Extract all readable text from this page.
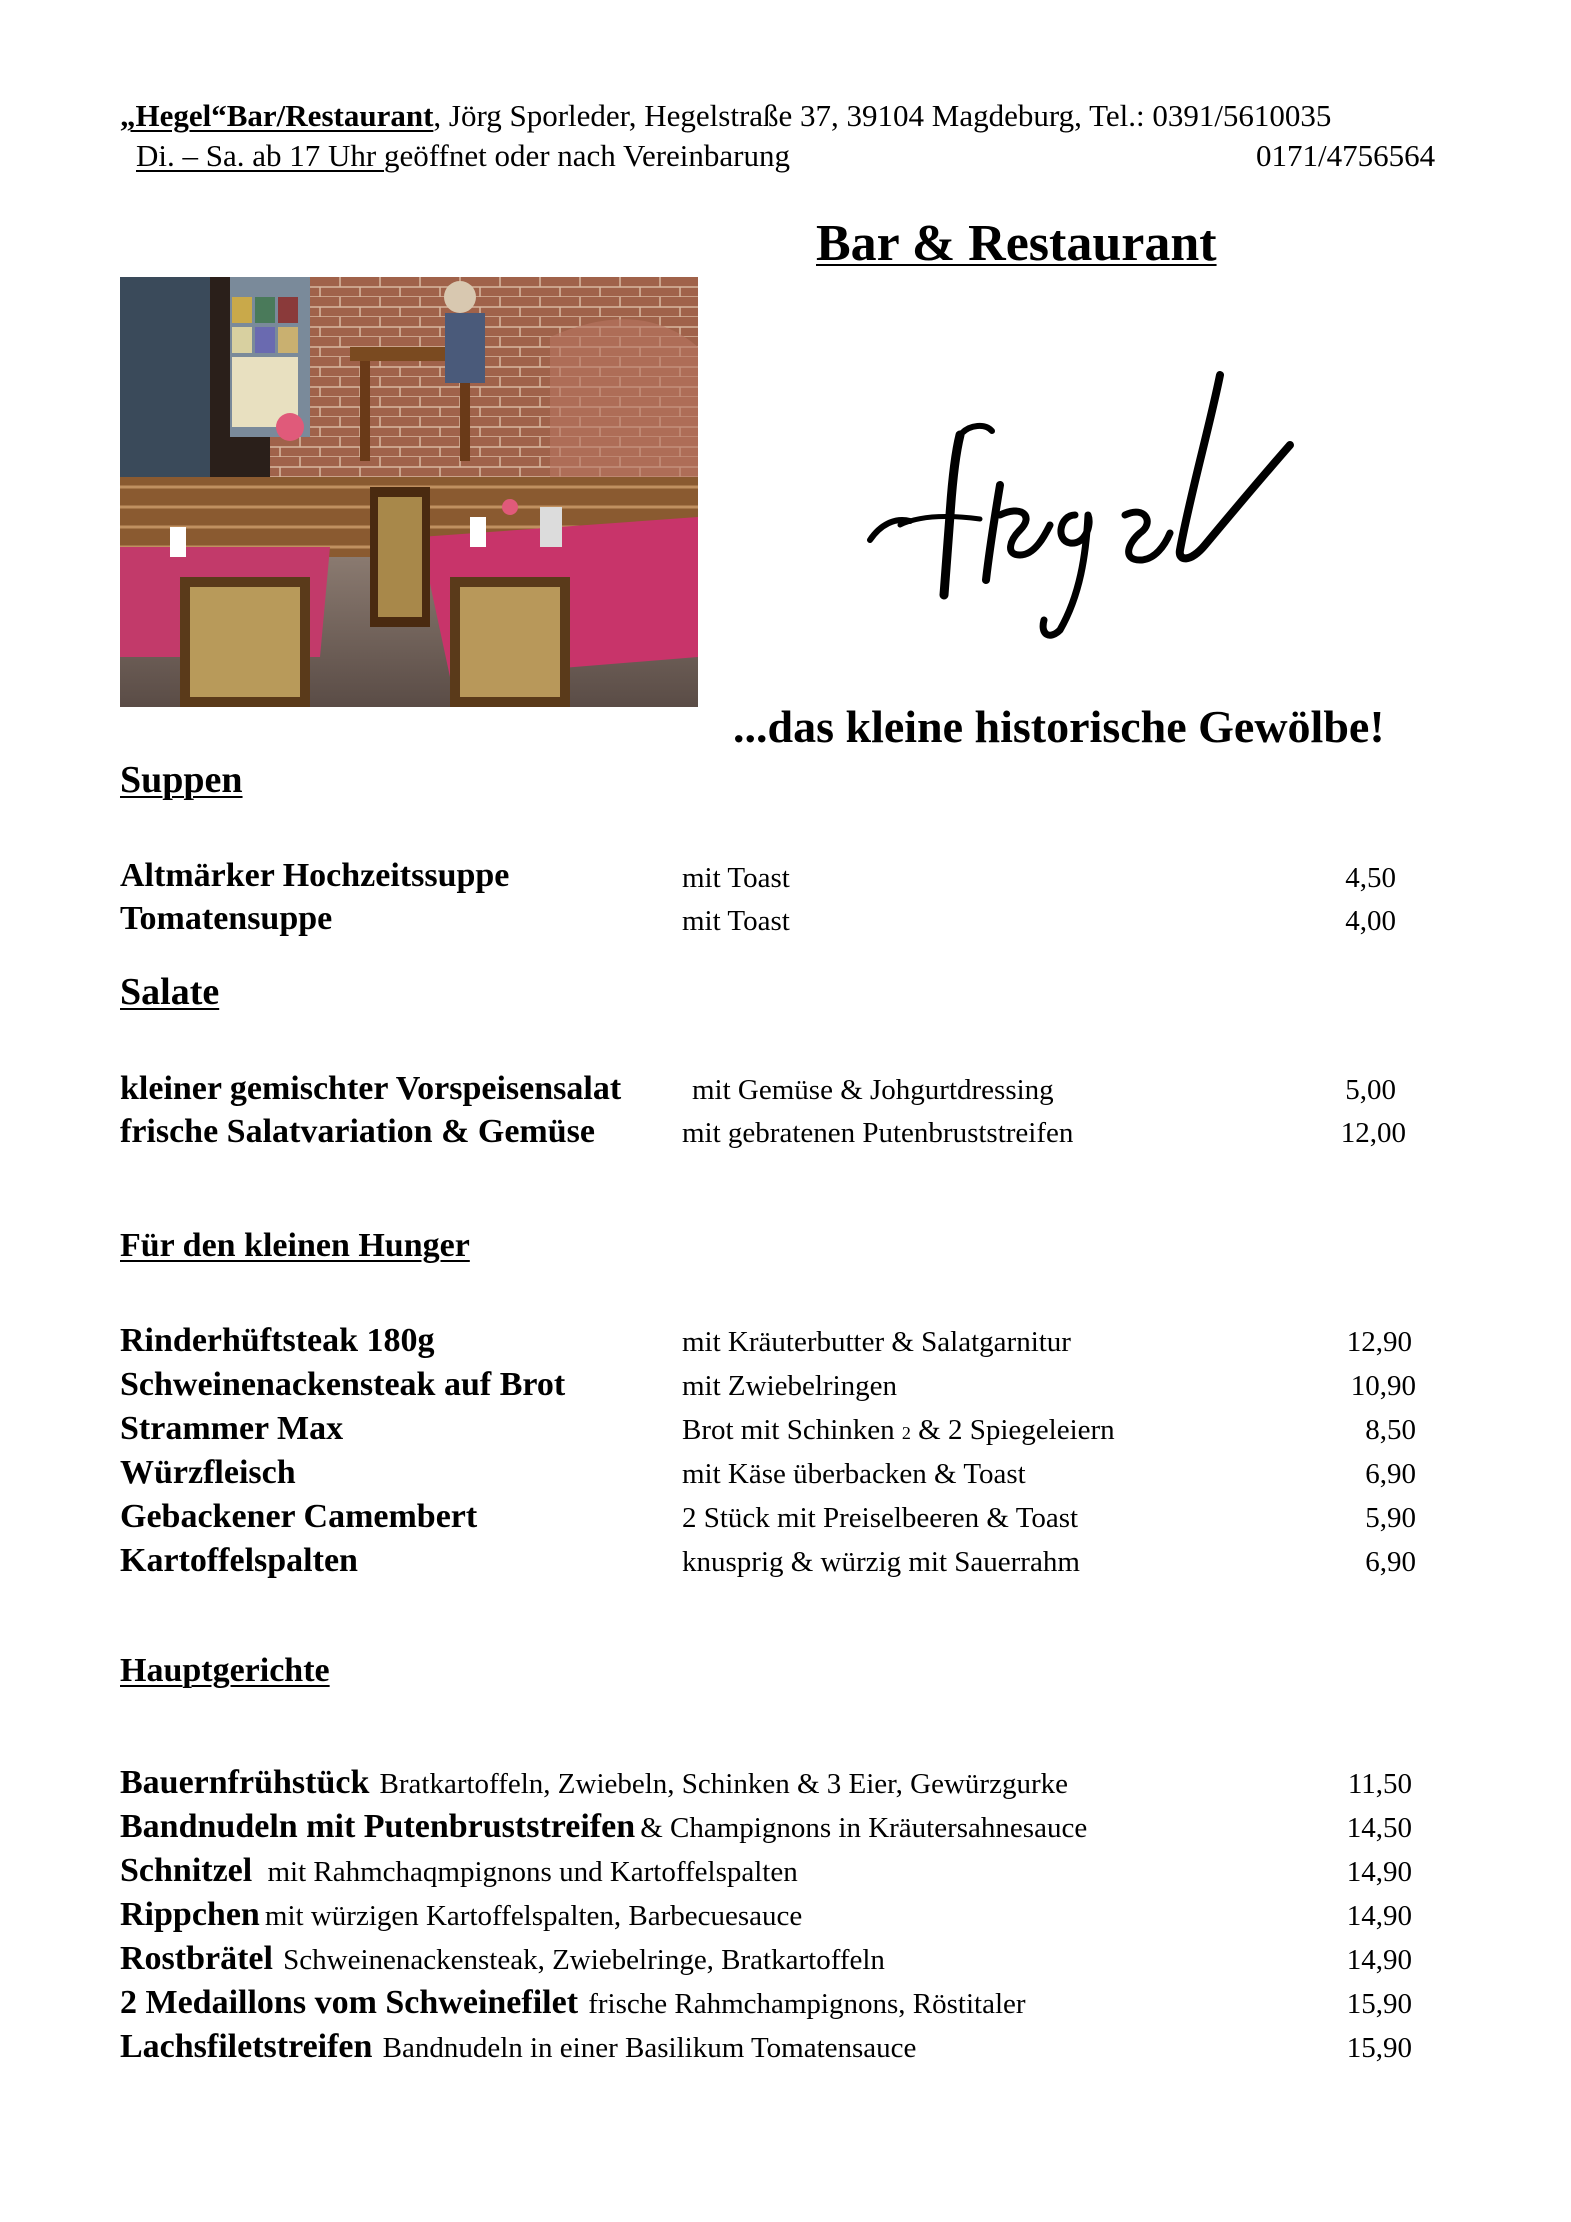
„Hegel“Bar/Restaurant, Jörg Sporleder, Hegelstraße 37, 39104 Magdeburg, Tel.: 0391/5610035
Di. – Sa. ab 17 Uhr geöffnet oder nach Vereinbarung	0171/4756564
Bar & Restaurant
...das kleine historische Gewölbe!
Suppen
Altmärker Hochzeitssuppe	mit Toast	4,50
Tomatensuppe	mit Toast	4,00
Salate
kleiner gemischter Vorspeisensalat mit Gemüse & Johgurtdressing	5,00
frische Salatvariation & Gemüse	mit gebratenen Putenbruststreifen	12,00
Für den kleinen Hunger
Rinderhüftsteak 180g	mit Kräuterbutter & Salatgarnitur	12,90
Schweinenackensteak auf Brot	mit Zwiebelringen	10,90
Strammer Max	Brot mit Schinken 2 & 2 Spiegeleiern	8,50
Würzfleisch	mit Käse überbacken & Toast	6,90
Gebackener Camembert	2 Stück mit Preiselbeeren & Toast	5,90
Kartoffelspalten	knusprig & würzig mit Sauerrahm	6,90
Hauptgerichte
Bauernfrühstück Bratkartoffeln, Zwiebeln, Schinken & 3 Eier, Gewürzgurke	11,50
Bandnudeln mit Putenbruststreifen & Champignons in Kräutersahnesauce	14,50
Schnitzel mit Rahmchaqmpignons und Kartoffelspalten	14,90
Rippchen mit würzigen Kartoffelspalten, Barbecuesauce	14,90
Rostbrätel Schweinenackensteak, Zwiebelringe, Bratkartoffeln	14,90
2 Medaillons vom Schweinefilet frische Rahmchampignons, Röstitaler	15,90
Lachsfiletstreifen Bandnudeln in einer Basilikum Tomatensauce	15,90
